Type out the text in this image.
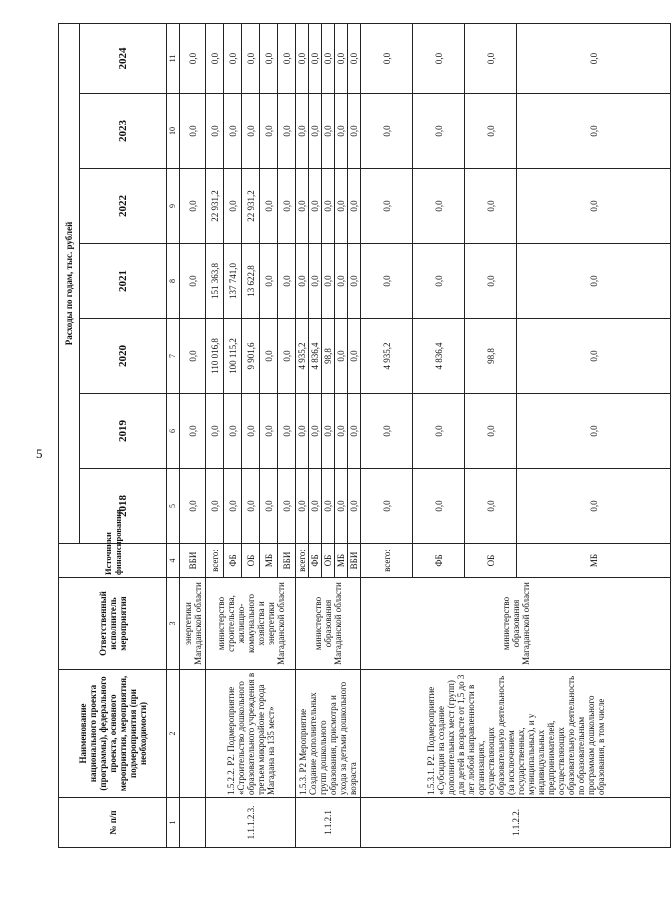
5
№ п/п	Наименование национального проекта (программы), федерального проекта, основного мероприятия, мероприятия, подмероприятия (при необходимости)	Ответственный исполнитель мероприятия	Источники финансирования	Расходы по годам, тыс. рублей						
				2018	2019	2020	2021	2022	2023	2024
1	2	3	4	5	6	7	8	9	10	11
		энергетики Магаданской области	ВБИ	0,0	0,0	0,0	0,0	0,0	0,0	0,0
1.1.1.2.3.	1.5.2.2. Р2. Подмероприятие «Строительство дошкольного образовательного учреждения в третьем микрорайоне города Магадана на 135 мест»	министерство строительства, жилищно-коммунального хозяйства и энергетики Магаданской области	всего:	0,0	0,0	110 016,8	151 363,8	22 931,2	0,0	0,0
			ФБ	0,0	0,0	100 115,2	137 741,0	0,0	0,0	0,0
			ОБ	0,0	0,0	9 901,6	13 622,8	22 931,2	0,0	0,0
			МБ	0,0	0,0	0,0	0,0	0,0	0,0	0,0
			ВБИ	0,0	0,0	0,0	0,0	0,0	0,0	0,0
1.1.2.1	1.5.3. Р2 Мероприятие Создание дополнительных групп дошкольного образования, присмотра и ухода за детьми дошкольного возраста	министерство образования Магаданской области	всего:	0,0	0,0	4 935,2	0,0	0,0	0,0	0,0
			ФБ	0,0	0,0	4 836,4	0,0	0,0	0,0	0,0
			ОБ	0,0	0,0	98,8	0,0	0,0	0,0	0,0
			МБ	0,0	0,0	0,0	0,0	0,0	0,0	0,0
			ВБИ	0,0	0,0	0,0	0,0	0,0	0,0	0,0
1.1.2.2.	1.5.3.1. Р2. Подмероприятие «Субсидия на создание дополнительных мест (групп) для детей в возрасте от 1,5 до 3 лет любой направленности в организациях, осуществляющих образовательную деятельность (за исключением государственных, муниципальных), и у индивидуальных предпринимателей, осуществляющих образовательную деятельность по образовательным программам дошкольного образования, в том числе	министерство образования Магаданской области	всего:	0,0	0,0	4 935,2	0,0	0,0	0,0	0,0
			ФБ	0,0	0,0	4 836,4	0,0	0,0	0,0	0,0
			ОБ	0,0	0,0	98,8	0,0	0,0	0,0	0,0
			МБ	0,0	0,0	0,0	0,0	0,0	0,0	0,0
